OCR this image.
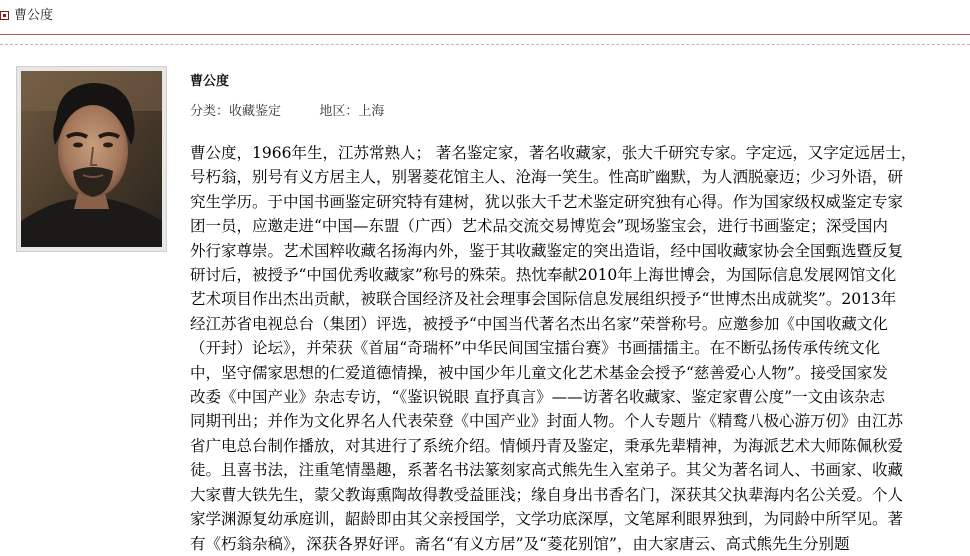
曹公度
曹公度
分类：收藏鉴定	地区：上海

曹公度，1966年生，江苏常熟人； 著名鉴定家，著名收藏家，张大千研究专家。字定远，又字定远居士，
号朽翁，别号有义方居主人，别署菱花馆主人、沧海一笑生。性高旷幽默，为人洒脱豪迈；少习外语，研
究生学历。于中国书画鉴定研究特有建树，犹以张大千艺术鉴定研究独有心得。作为国家级权威鉴定专家
团一员，应邀走进“中国—东盟（广西）艺术品交流交易博览会”现场鉴宝会，进行书画鉴定；深受国内
外行家尊崇。艺术国粹收藏名扬海内外，鉴于其收藏鉴定的突出造诣，经中国收藏家协会全国甄选暨反复
研讨后，被授予“中国优秀收藏家”称号的殊荣。热忱奉献2010年上海世博会，为国际信息发展网馆文化
艺术项目作出杰出贡献，被联合国经济及社会理事会国际信息发展组织授予“世博杰出成就奖”。2013年
经江苏省电视总台（集团）评选，被授予“中国当代著名杰出名家”荣誉称号。应邀参加《中国收藏文化
（开封）论坛》，并荣获《首届“奇瑞杯”中华民间国宝擂台赛》书画擂擂主。在不断弘扬传承传统文化
中，坚守儒家思想的仁爱道德情操，被中国少年儿童文化艺术基金会授予“慈善爱心人物”。接受国家发
改委《中国产业》杂志专访，“《鉴识锐眼 直抒真言》——访著名收藏家、鉴定家曹公度”一文由该杂志
同期刊出；并作为文化界名人代表荣登《中国产业》封面人物。个人专题片《精鹜八极心游万仞》由江苏
省广电总台制作播放，对其进行了系统介绍。情倾丹青及鉴定，秉承先辈精神，为海派艺术大师陈佩秋爱
徒。且喜书法，注重笔情墨趣，系著名书法篆刻家高式熊先生入室弟子。其父为著名词人、书画家、收藏
大家曹大铁先生，蒙父教诲熏陶故得教受益匪浅；缘自身出书香名门，深获其父执辈海内名公关爱。个人
家学渊源复幼承庭训，龆龄即由其父亲授国学，文学功底深厚，文笔犀利眼界独到，为同龄中所罕见。著
有《朽翁杂稿》，深获各界好评。斋名“有义方居”及“菱花别馆”，由大家唐云、高式熊先生分别题
